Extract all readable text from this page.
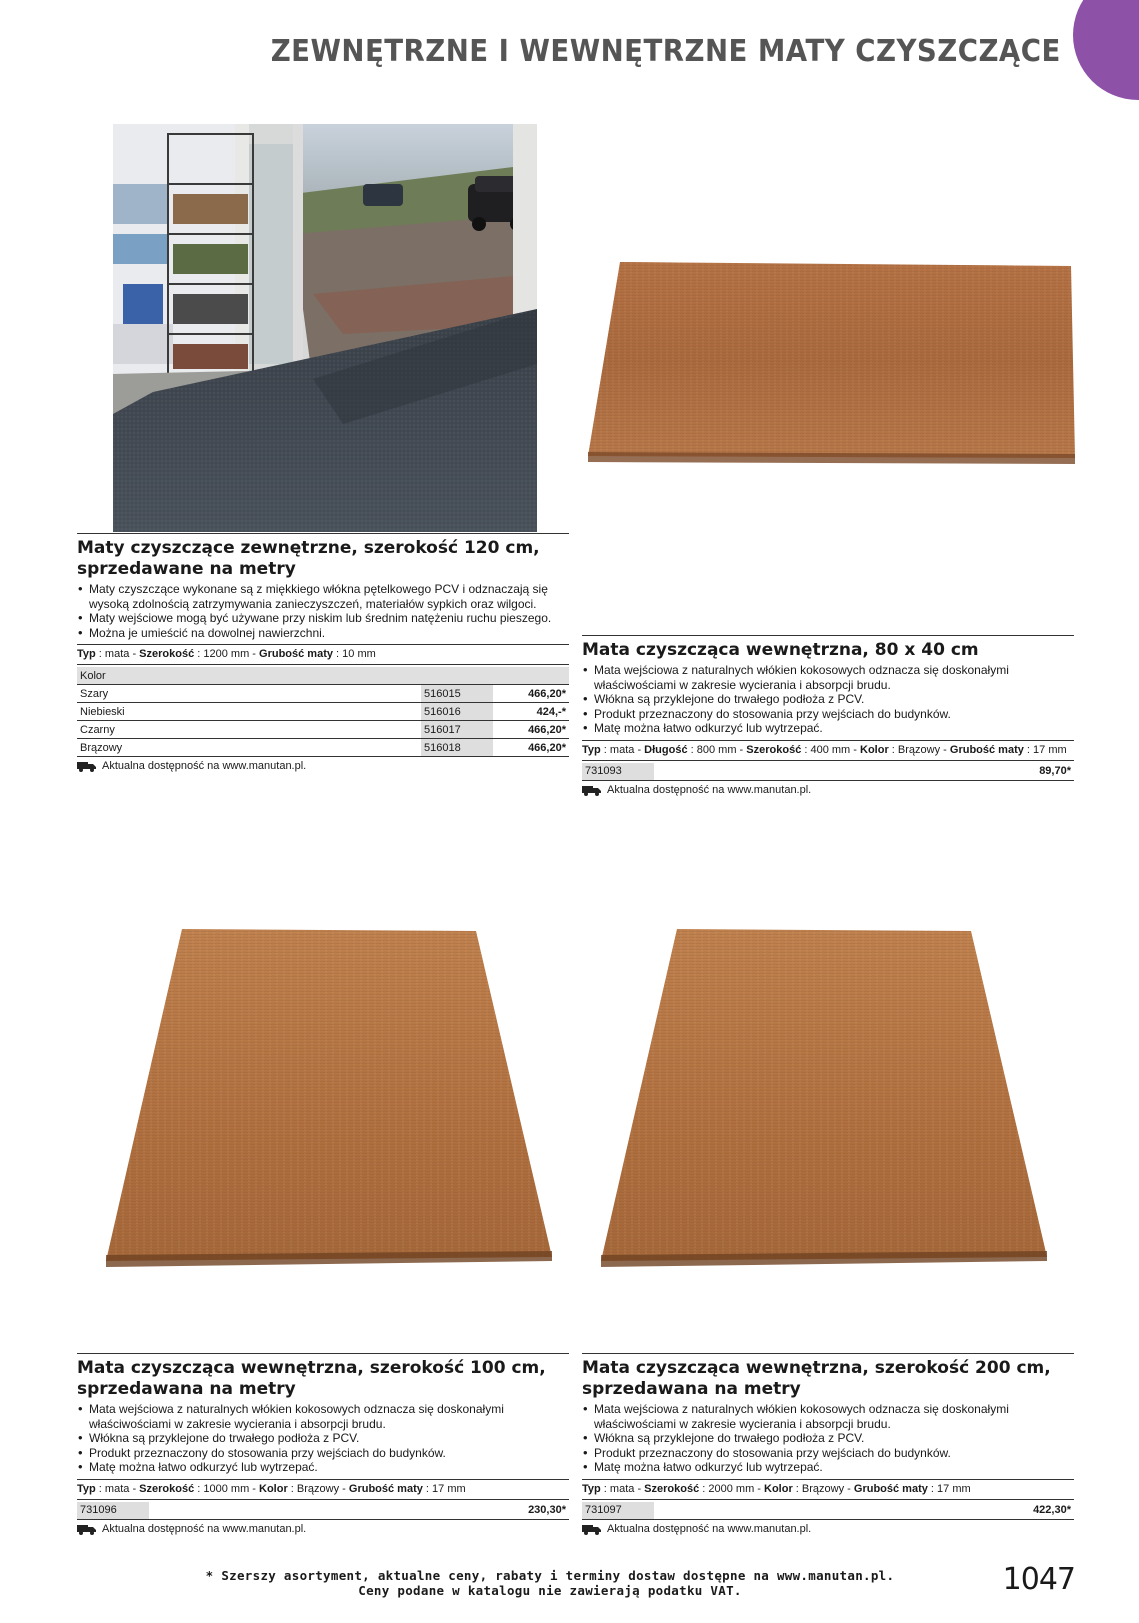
ZEWNĘTRZNE I WEWNĘTRZNE MATY CZYSZCZĄCE
Maty czyszczące zewnętrzne, szerokość 120 cm, sprzedawane na metry
• Maty czyszczące wykonane są z miękkiego włókna pętelkowego PCV i odznaczają się wysoką zdolnością zatrzymywania zanieczyszczeń, materiałów sypkich oraz wilgoci.
• Maty wejściowe mogą być używane przy niskim lub średnim natężeniu ruchu pieszego.
• Można je umieścić na dowolnej nawierzchni.
Typ : mata - Szerokość : 1200 mm - Grubość maty : 10 mm
Kolor		
Szary	516015	466,20*
Niebieski	516016	424,-*
Czarny	516017	466,20*
Brązowy	516018	466,20*
Aktualna dostępność na www.manutan.pl.
Mata czyszcząca wewnętrzna, 80 x 40 cm
• Mata wejściowa z naturalnych włókien kokosowych odznacza się doskonałymi właściwościami w zakresie wycierania i absorpcji brudu.
• Włókna są przyklejone do trwałego podłoża z PCV.
• Produkt przeznaczony do stosowania przy wejściach do budynków.
• Matę można łatwo odkurzyć lub wytrzepać.
Typ : mata - Długość : 800 mm - Szerokość : 400 mm - Kolor : Brązowy - Grubość maty : 17 mm
731093		89,70*
Aktualna dostępność na www.manutan.pl.
Mata czyszcząca wewnętrzna, szerokość 100 cm, sprzedawana na metry
• Mata wejściowa z naturalnych włókien kokosowych odznacza się doskonałymi właściwościami w zakresie wycierania i absorpcji brudu.
• Włókna są przyklejone do trwałego podłoża z PCV.
• Produkt przeznaczony do stosowania przy wejściach do budynków.
• Matę można łatwo odkurzyć lub wytrzepać.
Typ : mata - Szerokość : 1000 mm - Kolor : Brązowy - Grubość maty : 17 mm
731096		230,30*
Aktualna dostępność na www.manutan.pl.
Mata czyszcząca wewnętrzna, szerokość 200 cm, sprzedawana na metry
• Mata wejściowa z naturalnych włókien kokosowych odznacza się doskonałymi właściwościami w zakresie wycierania i absorpcji brudu.
• Włókna są przyklejone do trwałego podłoża z PCV.
• Produkt przeznaczony do stosowania przy wejściach do budynków.
• Matę można łatwo odkurzyć lub wytrzepać.
Typ : mata - Szerokość : 2000 mm - Kolor : Brązowy - Grubość maty : 17 mm
731097		422,30*
Aktualna dostępność na www.manutan.pl.
* Szerszy asortyment, aktualne ceny, rabaty i terminy dostaw dostępne na www.manutan.pl.
Ceny podane w katalogu nie zawierają podatku VAT.	1047
